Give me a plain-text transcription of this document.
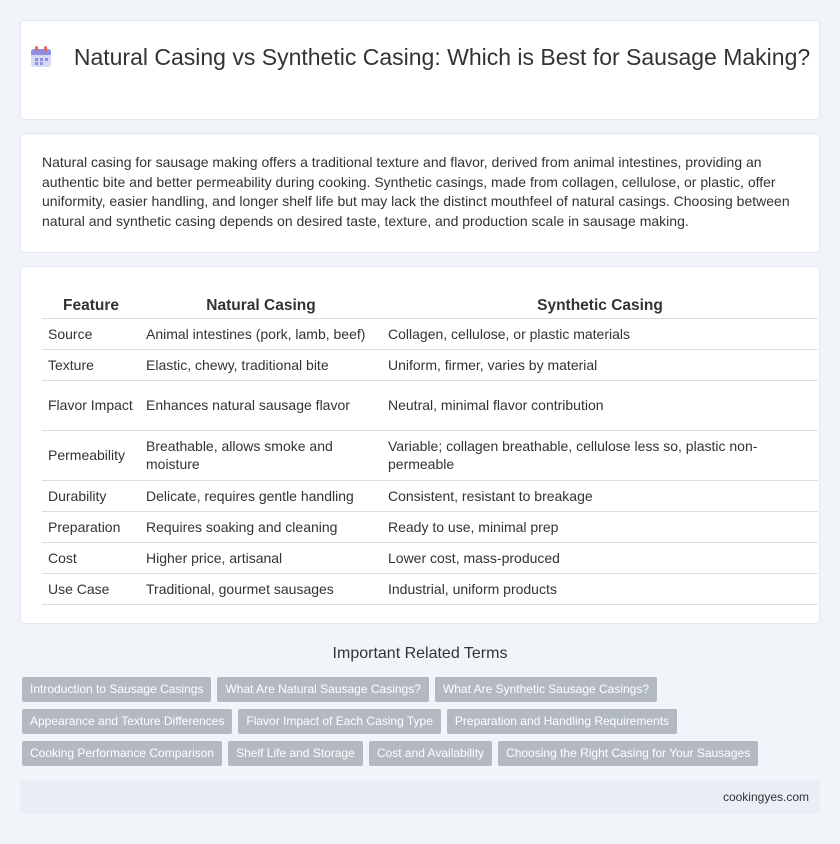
Natural Casing vs Synthetic Casing: Which is Best for Sausage Making?

Natural casing for sausage making offers a traditional texture and flavor, derived from animal intestines, providing an authentic bite and better permeability during cooking. Synthetic casings, made from collagen, cellulose, or plastic, offer uniformity, easier handling, and longer shelf life but may lack the distinct mouthfeel of natural casings. Choosing between natural and synthetic casing depends on desired taste, texture, and production scale in sausage making.

Feature	Natural Casing	Synthetic Casing
Source	Animal intestines (pork, lamb, beef)	Collagen, cellulose, or plastic materials
Texture	Elastic, chewy, traditional bite	Uniform, firmer, varies by material
Flavor Impact	Enhances natural sausage flavor	Neutral, minimal flavor contribution
Permeability	Breathable, allows smoke and moisture	Variable; collagen breathable, cellulose less so, plastic non-permeable
Durability	Delicate, requires gentle handling	Consistent, resistant to breakage
Preparation	Requires soaking and cleaning	Ready to use, minimal prep
Cost	Higher price, artisanal	Lower cost, mass-produced
Use Case	Traditional, gourmet sausages	Industrial, uniform products
Important Related Terms
Introduction to Sausage Casings What Are Natural Sausage Casings? What Are Synthetic Sausage Casings?
Appearance and Texture Differences Flavor Impact of Each Casing Type Preparation and Handling Requirements
Cooking Performance Comparison Shelf Life and Storage Cost and Availability Choosing the Right Casing for Your Sausages
cookingyes.com
